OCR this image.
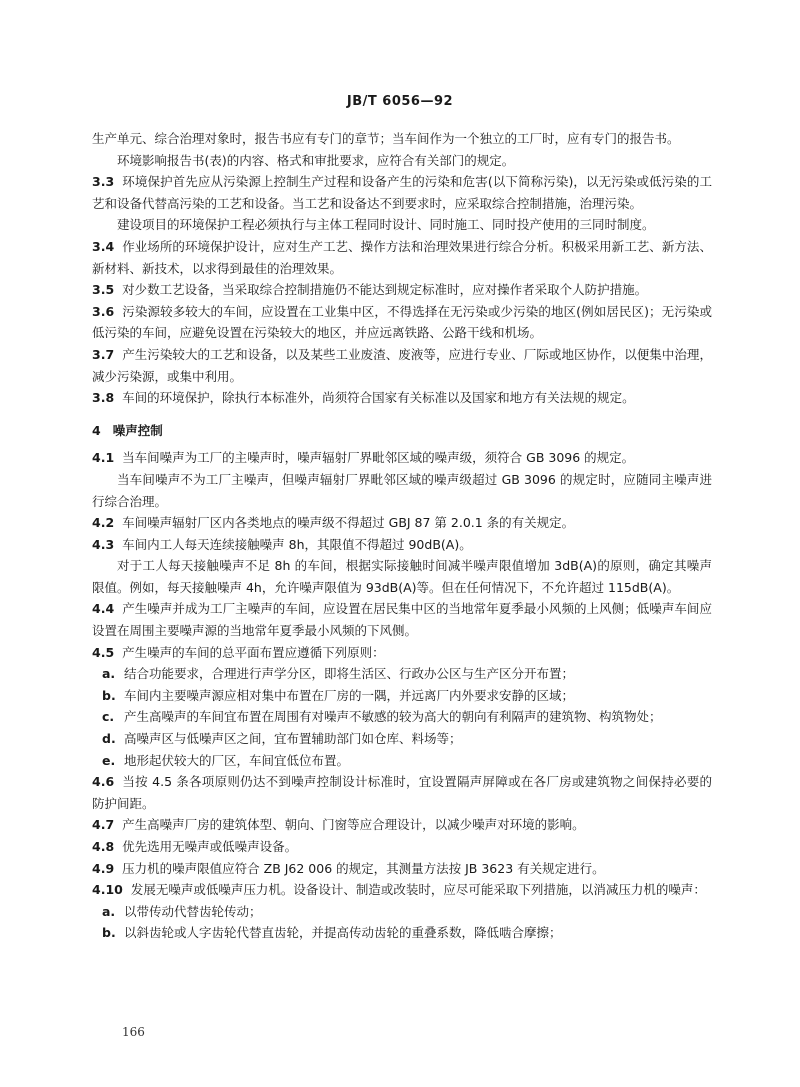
JB/T 6056—92

生产单元、综合治理对象时，报告书应有专门的章节；当车间作为一个独立的工厂时，应有专门的报告书。

环境影响报告书(表)的内容、格式和审批要求，应符合有关部门的规定。

3.3 环境保护首先应从污染源上控制生产过程和设备产生的污染和危害(以下简称污染)，以无污染或低污染的工艺和设备代替高污染的工艺和设备。当工艺和设备达不到要求时，应采取综合控制措施，治理污染。

建设项目的环境保护工程必须执行与主体工程同时设计、同时施工、同时投产使用的三同时制度。

3.4 作业场所的环境保护设计，应对生产工艺、操作方法和治理效果进行综合分析。积极采用新工艺、新方法、新材料、新技术，以求得到最佳的治理效果。

3.5 对少数工艺设备，当采取综合控制措施仍不能达到规定标准时，应对操作者采取个人防护措施。

3.6 污染源较多较大的车间，应设置在工业集中区，不得选择在无污染或少污染的地区(例如居民区)；无污染或低污染的车间，应避免设置在污染较大的地区，并应远离铁路、公路干线和机场。

3.7 产生污染较大的工艺和设备，以及某些工业废渣、废液等，应进行专业、厂际或地区协作，以便集中治理，减少污染源，或集中利用。

3.8 车间的环境保护，除执行本标准外，尚须符合国家有关标准以及国家和地方有关法规的规定。

4 噪声控制

4.1 当车间噪声为工厂的主噪声时，噪声辐射厂界毗邻区域的噪声级，须符合 GB 3096 的规定。

当车间噪声不为工厂主噪声，但噪声辐射厂界毗邻区域的噪声级超过 GB 3096 的规定时，应随同主噪声进行综合治理。

4.2 车间噪声辐射厂区内各类地点的噪声级不得超过 GBJ 87 第 2.0.1 条的有关规定。

4.3 车间内工人每天连续接触噪声 8h，其限值不得超过 90dB(A)。

对于工人每天接触噪声不足 8h 的车间，根据实际接触时间减半噪声限值增加 3dB(A)的原则，确定其噪声限值。例如，每天接触噪声 4h，允许噪声限值为 93dB(A)等。但在任何情况下，不允许超过 115dB(A)。

4.4 产生噪声并成为工厂主噪声的车间，应设置在居民集中区的当地常年夏季最小风频的上风侧；低噪声车间应设置在周围主要噪声源的当地常年夏季最小风频的下风侧。

4.5 产生噪声的车间的总平面布置应遵循下列原则：

a. 结合功能要求，合理进行声学分区，即将生活区、行政办公区与生产区分开布置；

b. 车间内主要噪声源应相对集中布置在厂房的一隅，并远离厂内外要求安静的区域；

c. 产生高噪声的车间宜布置在周围有对噪声不敏感的较为高大的朝向有利隔声的建筑物、构筑物处；

d. 高噪声区与低噪声区之间，宜布置辅助部门如仓库、料场等；

e. 地形起伏较大的厂区，车间宜低位布置。

4.6 当按 4.5 条各项原则仍达不到噪声控制设计标准时，宜设置隔声屏障或在各厂房或建筑物之间保持必要的防护间距。

4.7 产生高噪声厂房的建筑体型、朝向、门窗等应合理设计，以减少噪声对环境的影响。

4.8 优先选用无噪声或低噪声设备。

4.9 压力机的噪声限值应符合 ZB J62 006 的规定，其测量方法按 JB 3623 有关规定进行。

4.10 发展无噪声或低噪声压力机。设备设计、制造或改装时，应尽可能采取下列措施，以消减压力机的噪声：

a. 以带传动代替齿轮传动；

b. 以斜齿轮或人字齿轮代替直齿轮，并提高传动齿轮的重叠系数，降低啮合摩擦；

166
